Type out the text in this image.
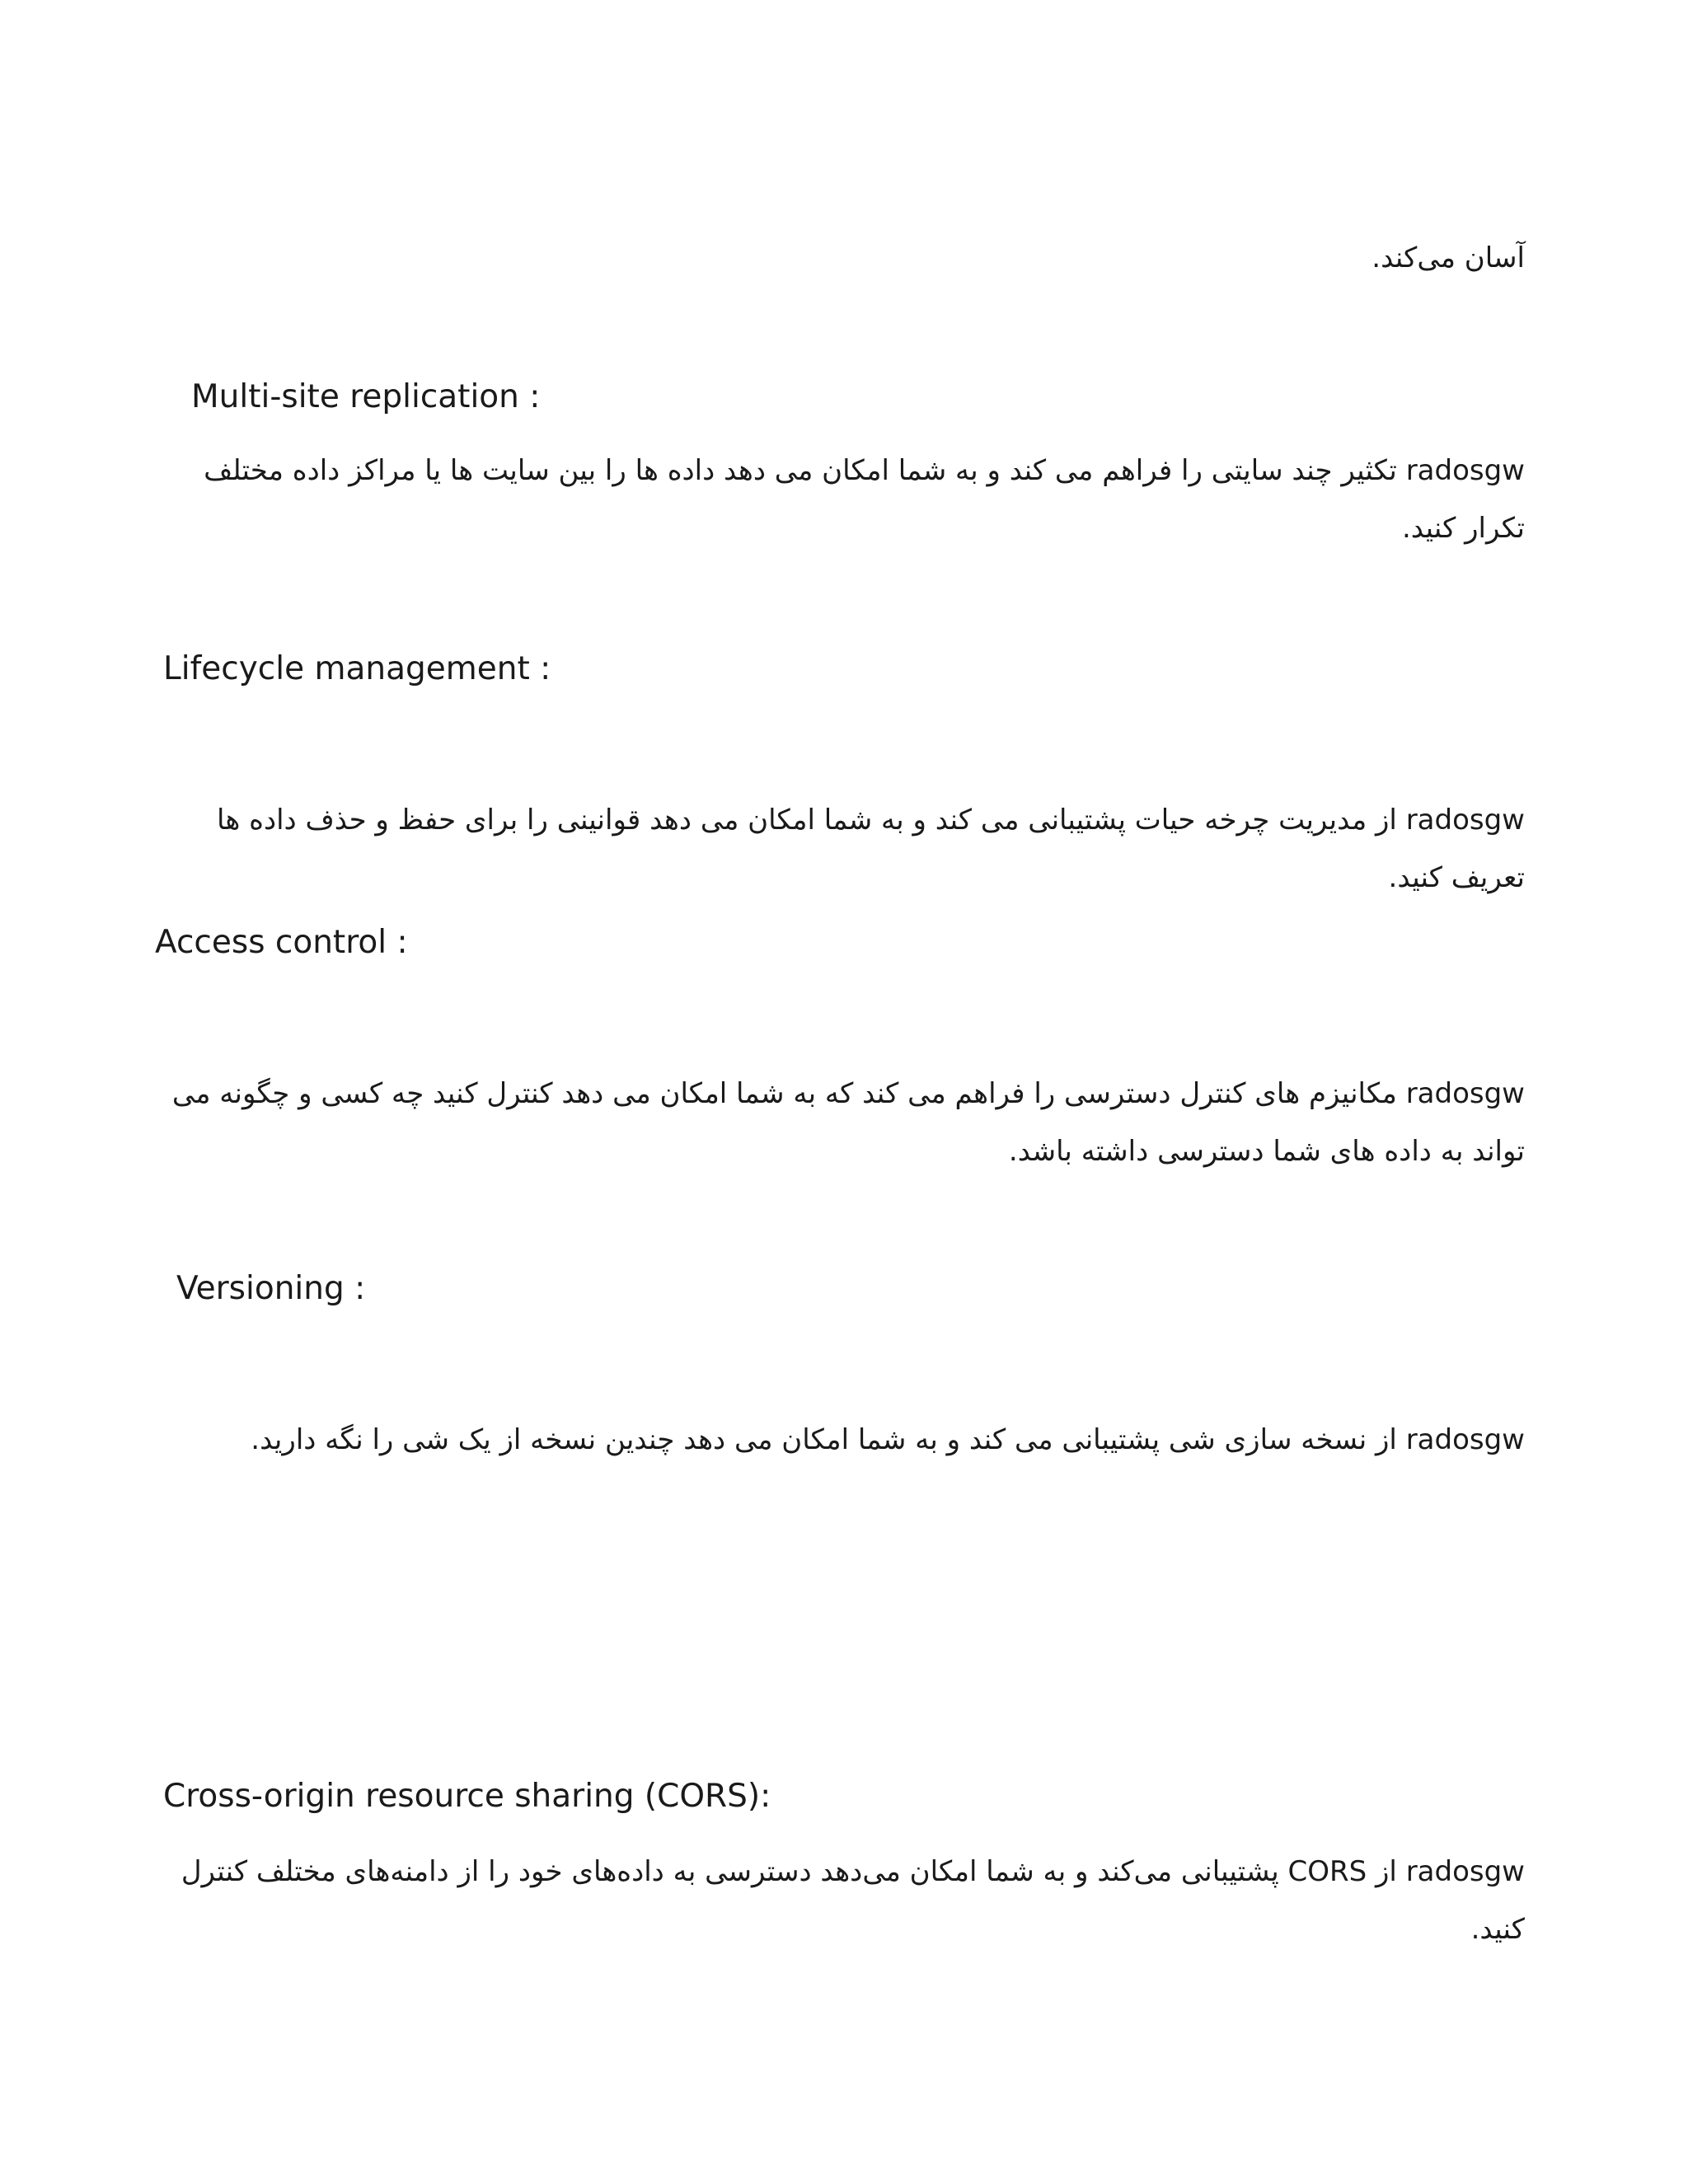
آسان می‌کند.

Multi-site replication :

radosgw تکثیر چند سایتی را فراهم می کند و به شما امکان می دهد داده ها را بین سایت ها یا مراکز داده مختلف
تکرار کنید.

Lifecycle management :

radosgw از مدیریت چرخه حیات پشتیبانی می کند و به شما امکان می دهد قوانینی را برای حفظ و حذف داده ها
تعریف کنید.

Access control :

radosgw مکانیزم های کنترل دسترسی را فراهم می کند که به شما امکان می دهد کنترل کنید چه کسی و چگونه می
تواند به داده های شما دسترسی داشته باشد.

Versioning :

radosgw از نسخه سازی شی پشتیبانی می کند و به شما امکان می دهد چندین نسخه از یک شی را نگه دارید.

Cross-origin resource sharing (CORS):

radosgw از CORS پشتیبانی می‌کند و به شما امکان می‌دهد دسترسی به داده‌های خود را از دامنه‌های مختلف کنترل
کنید.
